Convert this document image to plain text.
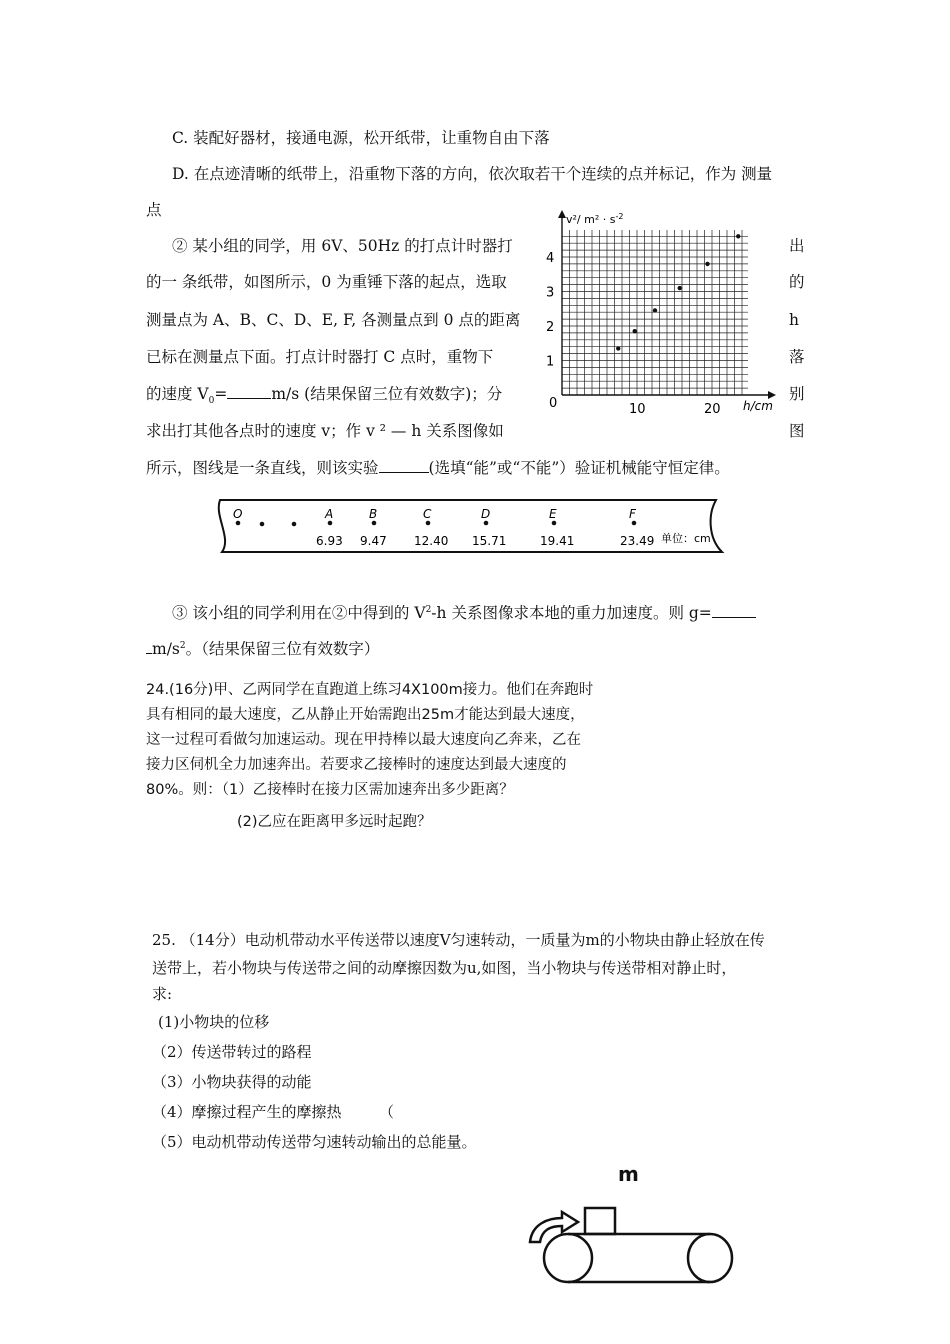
C. 装配好器材，接通电源，松开纸带，让重物自由下落
D. 在点迹清晰的纸带上，沿重物下落的方向，依次取若干个连续的点并标记，作为 测量
点
② 某小组的同学，用 6V、50Hz 的打点计时器打
的一 条纸带，如图所示，0 为重锤下落的起点，选取
测量点为 A、B、C、D、E, F, 各测量点到 0 点的距离
已标在测量点下面。打点计时器打 C 点时，重物下
的速度 $V_0=$	m/s (结果保留三位有效数字)；分
求出打其他各点时的速度 v；作 v ² — h 关系图像如
出
的
h
落
别
图
所示，图线是一条直线，则该实验	(选填“能”或“不能”）验证机械能守恒定律。
1
2
3
4
10	20
v²/ $m^2 \cdot s^{-2}$
h/cm
0
O	A
6.93
B
9.47
C
12.40
D
15.71
E
19.41
F
23.49 单位：cm
③ 该小组的同学利用在②中得到的 $V^2-h$ 关系图像求本地的重力加速度。则 g=
$m/s^2$。（结果保留三位有效数字）
24.(16分)甲、乙两同学在直跑道上练习4X100m接力。他们在奔跑时
具有相同的最大速度，乙从静止开始需跑出25m才能达到最大速度，
这一过程可看做匀加速运动。现在甲持棒以最大速度向乙奔来，乙在
接力区伺机全力加速奔出。若要求乙接棒时的速度达到最大速度的
80%。则：（1）乙接棒时在接力区需加速奔出多少距离？
(2)乙应在距离甲多远时起跑？
25. （14分）电动机带动水平传送带以速度V匀速转动，一质量为m的小物块由静止轻放在传
送带上，若小物块与传送带之间的动摩擦因数为u,如图，当小物块与传送带相对静止时，
求:
(1)小物块的位移
（2）传送带转过的路程
（3）小物块获得的动能
（4）摩擦过程产生的摩擦热　　　（
（5）电动机带动传送带匀速转动输出的总能量。
m
